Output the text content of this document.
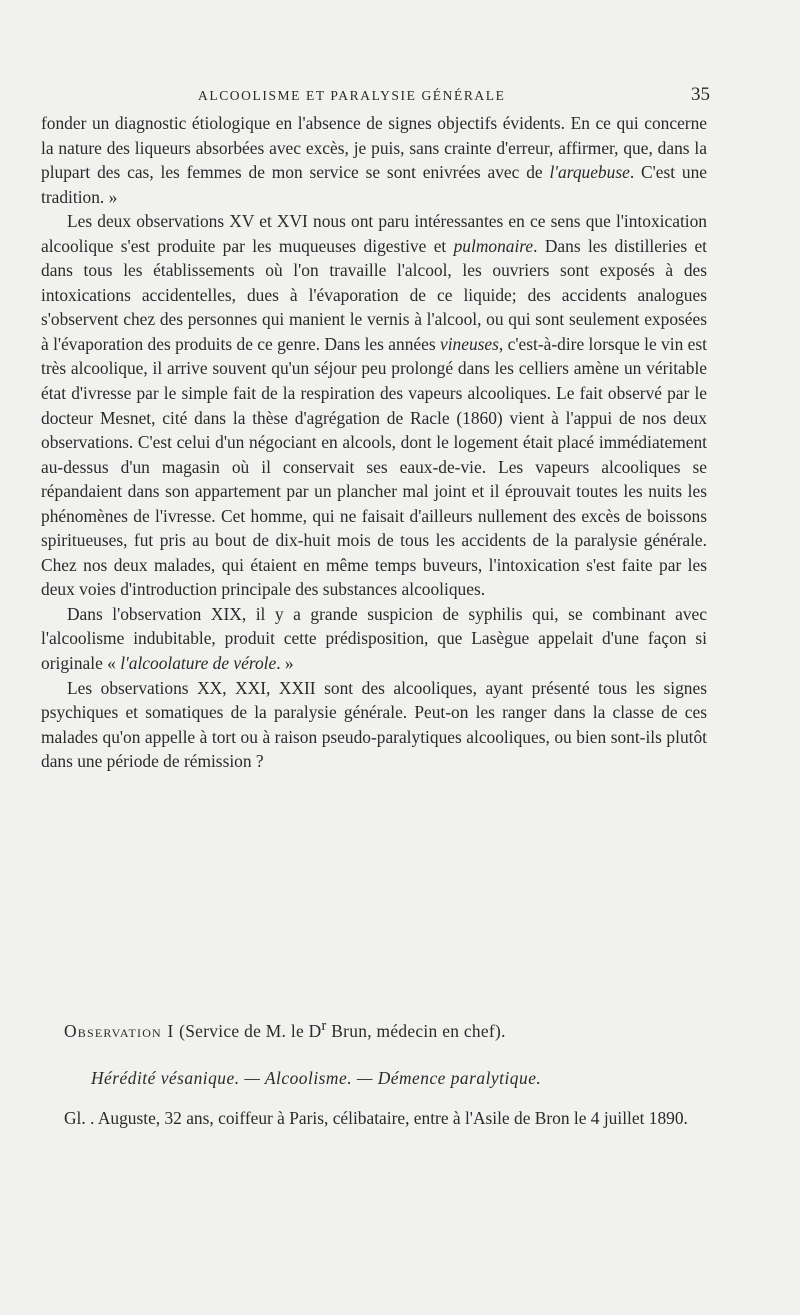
ALCOOLISME ET PARALYSIE GÉNÉRALE	35

fonder un diagnostic étiologique en l'absence de signes objectifs évidents. En ce qui concerne la nature des liqueurs absorbées avec excès, je puis, sans crainte d'erreur, affirmer, que, dans la plupart des cas, les femmes de mon service se sont enivrées avec de l'arquebuse. C'est une tradition. »

Les deux observations XV et XVI nous ont paru intéressantes en ce sens que l'intoxication alcoolique s'est produite par les muqueuses digestive et pulmonaire. Dans les distilleries et dans tous les établissements où l'on travaille l'alcool, les ouvriers sont exposés à des intoxications accidentelles, dues à l'évaporation de ce liquide; des accidents analogues s'observent chez des personnes qui manient le vernis à l'alcool, ou qui sont seulement exposées à l'évaporation des produits de ce genre. Dans les années vineuses, c'est-à-dire lorsque le vin est très alcoolique, il arrive souvent qu'un séjour peu prolongé dans les celliers amène un véritable état d'ivresse par le simple fait de la respiration des vapeurs alcooliques. Le fait observé par le docteur Mesnet, cité dans la thèse d'agrégation de Racle (1860) vient à l'appui de nos deux observations. C'est celui d'un négociant en alcools, dont le logement était placé immédiatement au-dessus d'un magasin où il conservait ses eaux-de-vie. Les vapeurs alcooliques se répandaient dans son appartement par un plancher mal joint et il éprouvait toutes les nuits les phénomènes de l'ivresse. Cet homme, qui ne faisait d'ailleurs nullement des excès de boissons spiritueuses, fut pris au bout de dix-huit mois de tous les accidents de la paralysie générale. Chez nos deux malades, qui étaient en même temps buveurs, l'intoxication s'est faite par les deux voies d'introduction principale des substances alcooliques.

Dans l'observation XIX, il y a grande suspicion de syphilis qui, se combinant avec l'alcoolisme indubitable, produit cette prédisposition, que Lasègue appelait d'une façon si originale « l'alcoolature de vérole. »

Les observations XX, XXI, XXII sont des alcooliques, ayant présenté tous les signes psychiques et somatiques de la paralysie générale. Peut-on les ranger dans la classe de ces malades qu'on appelle à tort ou à raison pseudo-paralytiques alcooliques, ou bien sont-ils plutôt dans une période de rémission ?

Observation I (Service de M. le $D^r$ Brun, médecin en chef).
Hérédité vésanique. — Alcoolisme. — Démence paralytique.
Gl. . Auguste, 32 ans, coiffeur à Paris, célibataire, entre à l'Asile de Bron le 4 juillet 1890.
